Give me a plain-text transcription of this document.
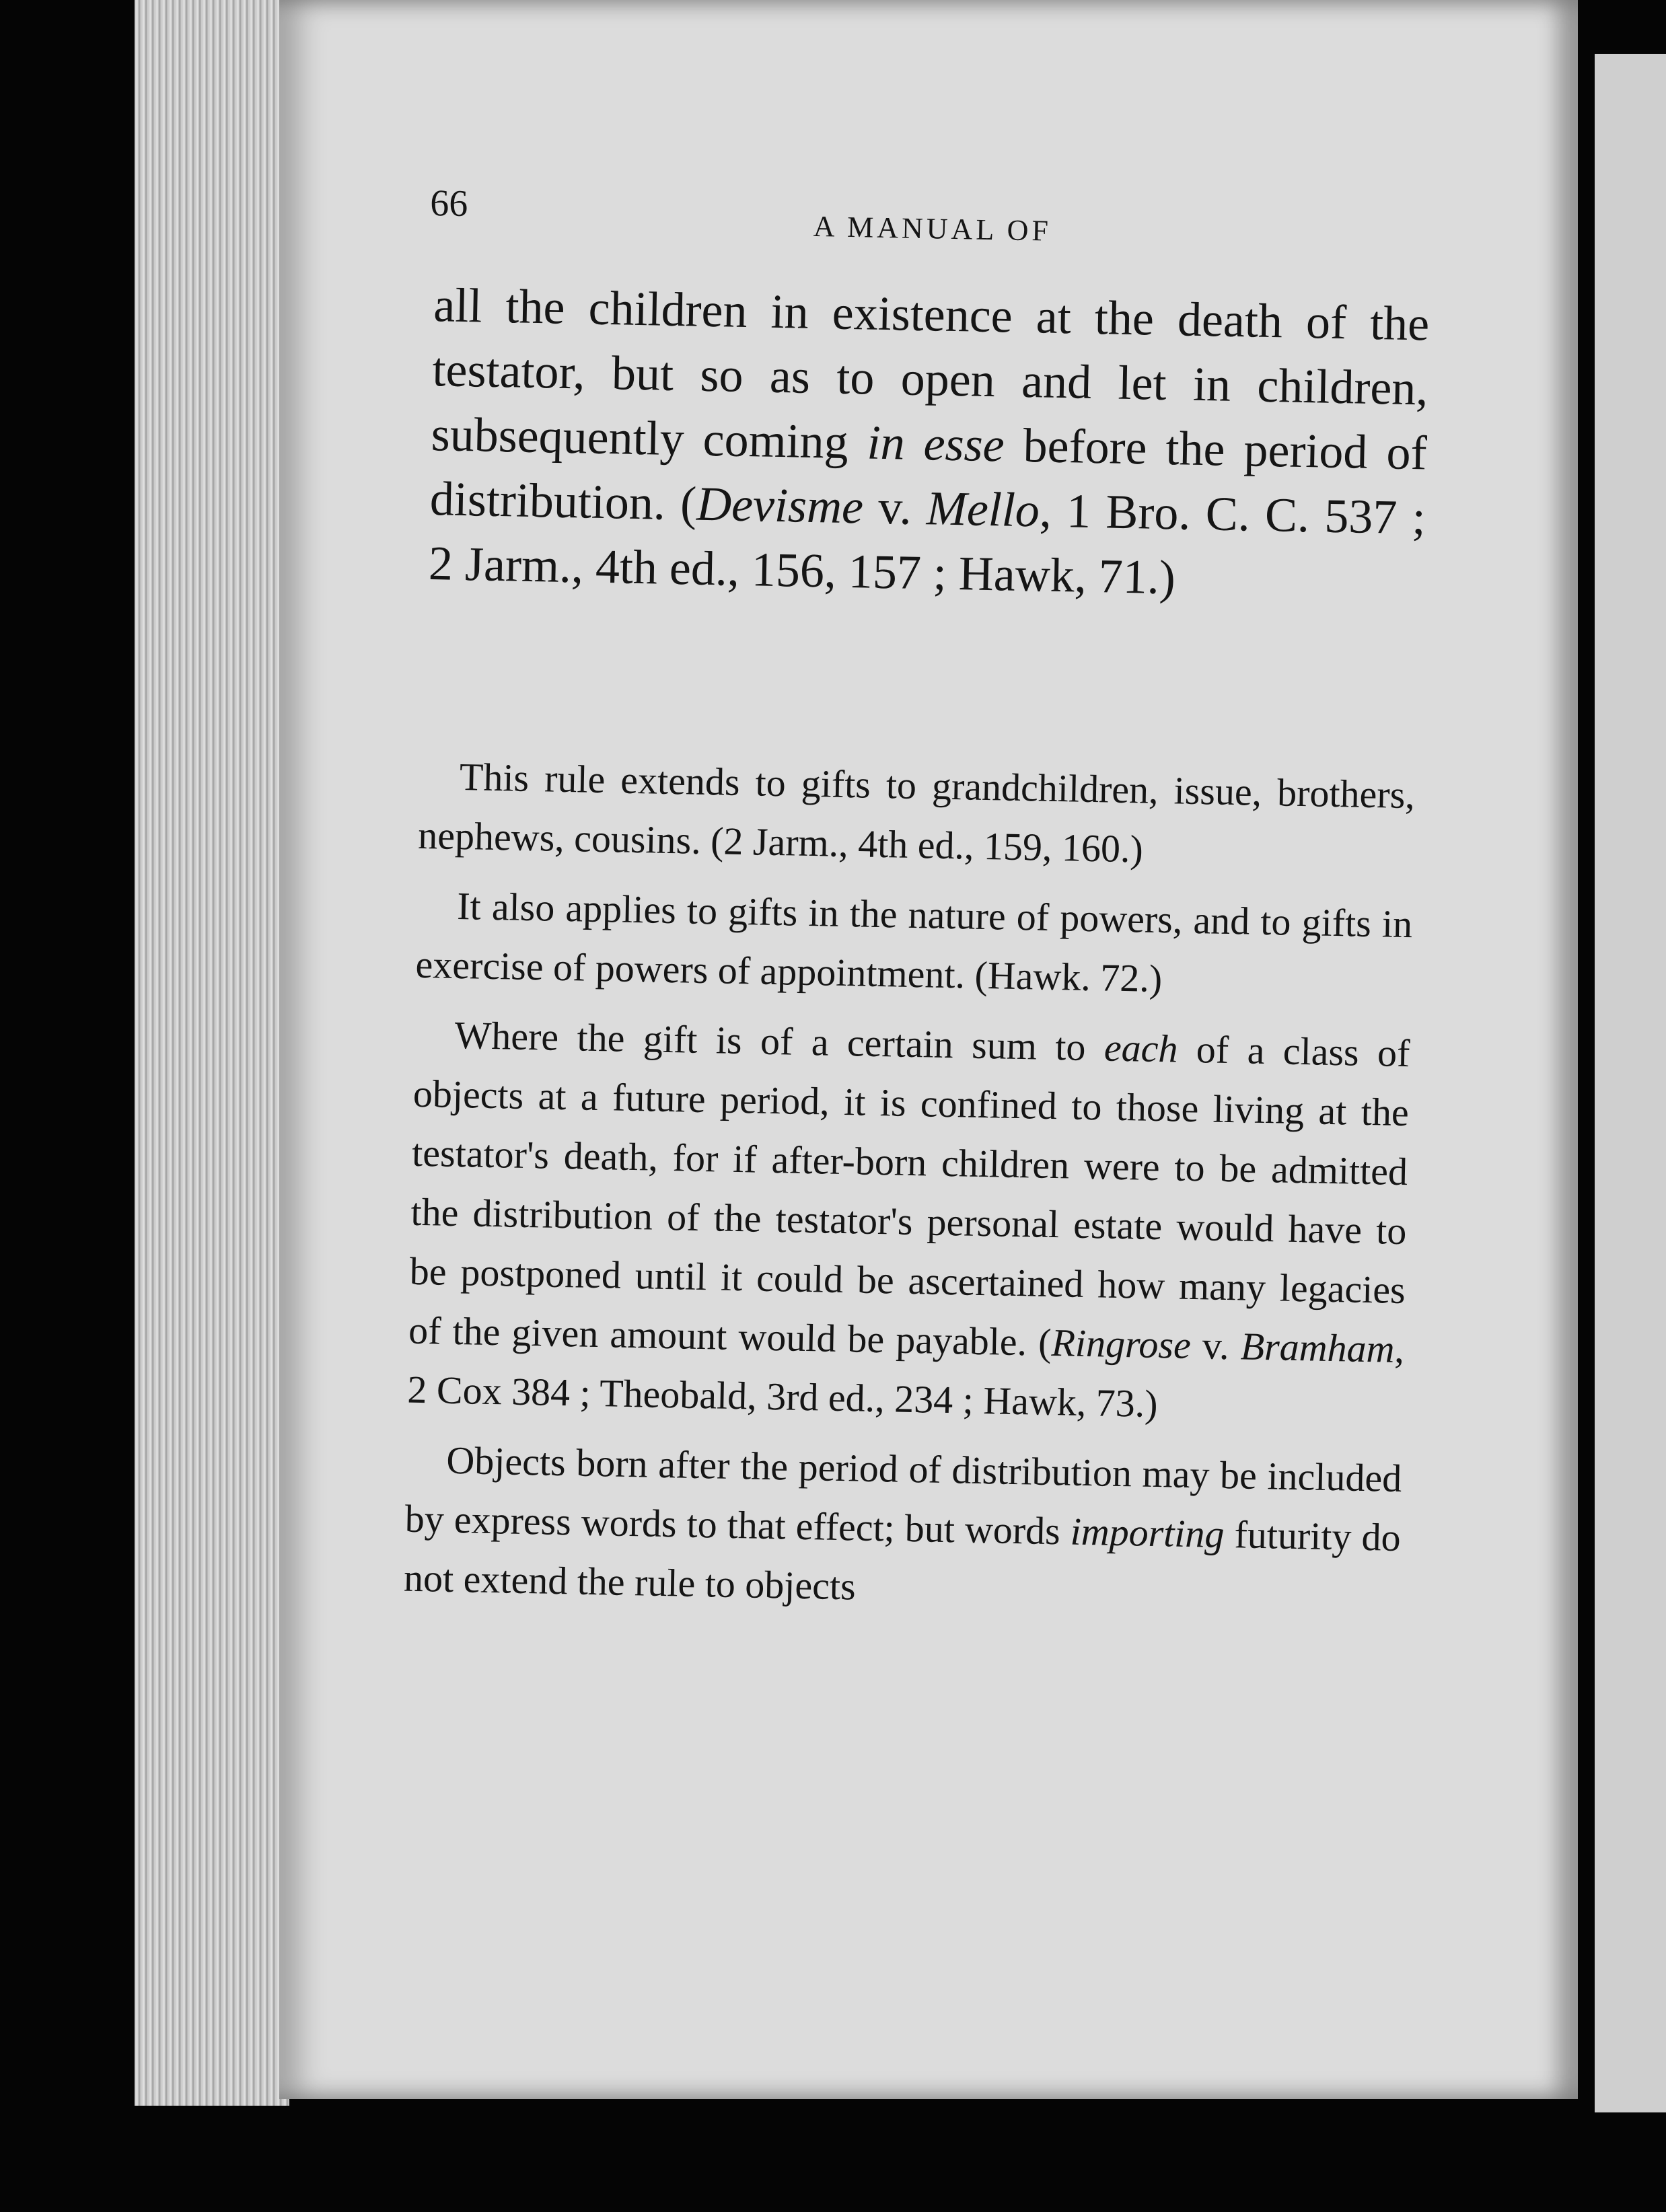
66

A MANUAL OF

all the children in existence at the death of the testator, but so as to open and let in children, subsequently coming in esse before the period of distribution. (Devisme v. Mello, 1 Bro. C. C. 537 ; 2 Jarm., 4th ed., 156, 157 ; Hawk, 71.)

This rule extends to gifts to grandchildren, issue, brothers, nephews, cousins. (2 Jarm., 4th ed., 159, 160.)

It also applies to gifts in the nature of powers, and to gifts in exercise of powers of appointment. (Hawk. 72.)

Where the gift is of a certain sum to each of a class of objects at a future period, it is confined to those living at the testator's death, for if after-born children were to be admitted the distribution of the testator's personal estate would have to be postponed until it could be ascertained how many legacies of the given amount would be payable. (Ringrose v. Bramham, 2 Cox 384 ; Theobald, 3rd ed., 234 ; Hawk, 73.)

Objects born after the period of distribution may be included by express words to that effect; but words importing futurity do not extend the rule to objects
